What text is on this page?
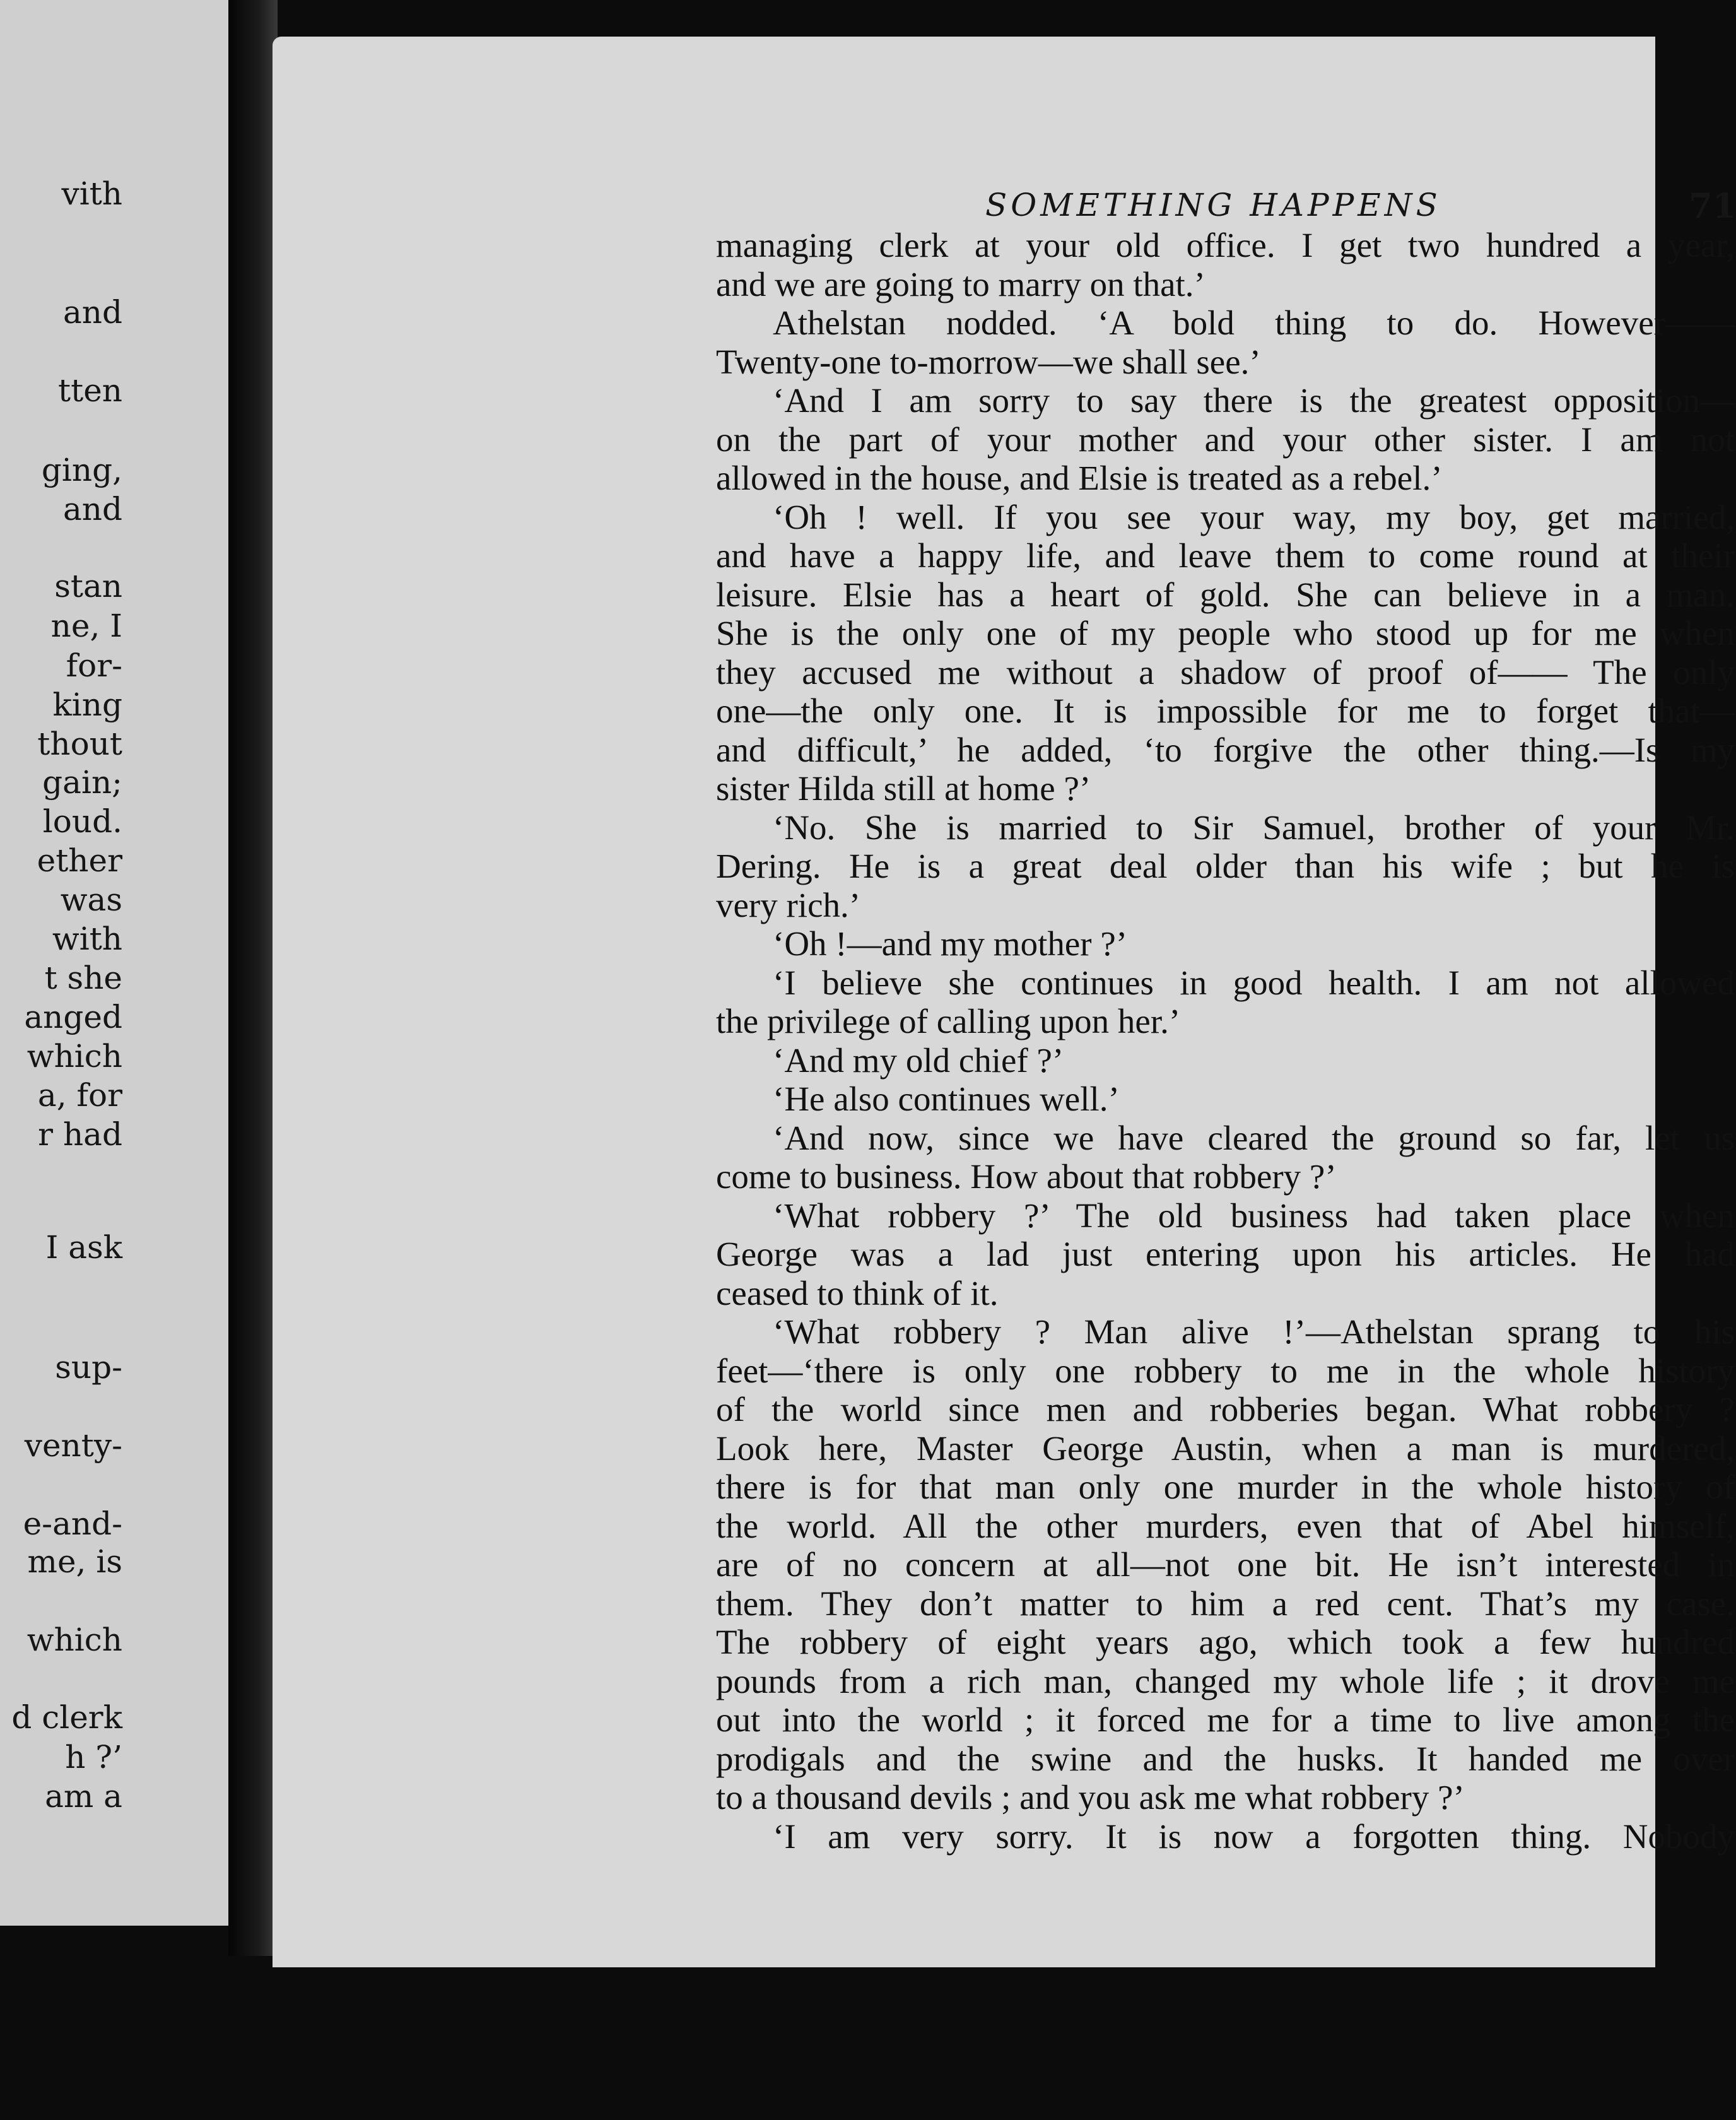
vith
and
tten
ging,
and
stan
ne, I
for-
king
thout
gain;
loud.
ether
was
with
t she
anged
which
a, for
r had
I ask
sup-
venty-
e-and-
me, is
which
d clerk
h ?’
am a
SOMETHING HAPPENS	71
managing clerk at your old office. I get two hundred a year,
and we are going to marry on that.’
Athelstan nodded. ‘A bold thing to do. However——
Twenty-one to-morrow—we shall see.’
‘And I am sorry to say there is the greatest opposition—
on the part of your mother and your other sister. I am not
allowed in the house, and Elsie is treated as a rebel.’
‘Oh ! well. If you see your way, my boy, get married,
and have a happy life, and leave them to come round at their
leisure. Elsie has a heart of gold. She can believe in a man.
She is the only one of my people who stood up for me when
they accused me without a shadow of proof of—— The only
one—the only one. It is impossible for me to forget that—
and difficult,’ he added, ‘to forgive the other thing.—Is my
sister Hilda still at home ?’
‘No. She is married to Sir Samuel, brother of your Mr.
Dering. He is a great deal older than his wife ; but he is
very rich.’
‘Oh !—and my mother ?’
‘I believe she continues in good health. I am not allowed
the privilege of calling upon her.’
‘And my old chief ?’
‘He also continues well.’
‘And now, since we have cleared the ground so far, let us
come to business. How about that robbery ?’
‘What robbery ?’ The old business had taken place when
George was a lad just entering upon his articles. He had
ceased to think of it.
‘What robbery ? Man alive !’—Athelstan sprang to his
feet—‘there is only one robbery to me in the whole history
of the world since men and robberies began. What robbery ?
Look here, Master George Austin, when a man is murdered,
there is for that man only one murder in the whole history of
the world. All the other murders, even that of Abel himself,
are of no concern at all—not one bit. He isn’t interested in
them. They don’t matter to him a red cent. That’s my case.
The robbery of eight years ago, which took a few hundred
pounds from a rich man, changed my whole life ; it drove me
out into the world ; it forced me for a time to live among the
prodigals and the swine and the husks. It handed me over
to a thousand devils ; and you ask me what robbery ?’
‘I am very sorry. It is now a forgotten thing. Nobody
